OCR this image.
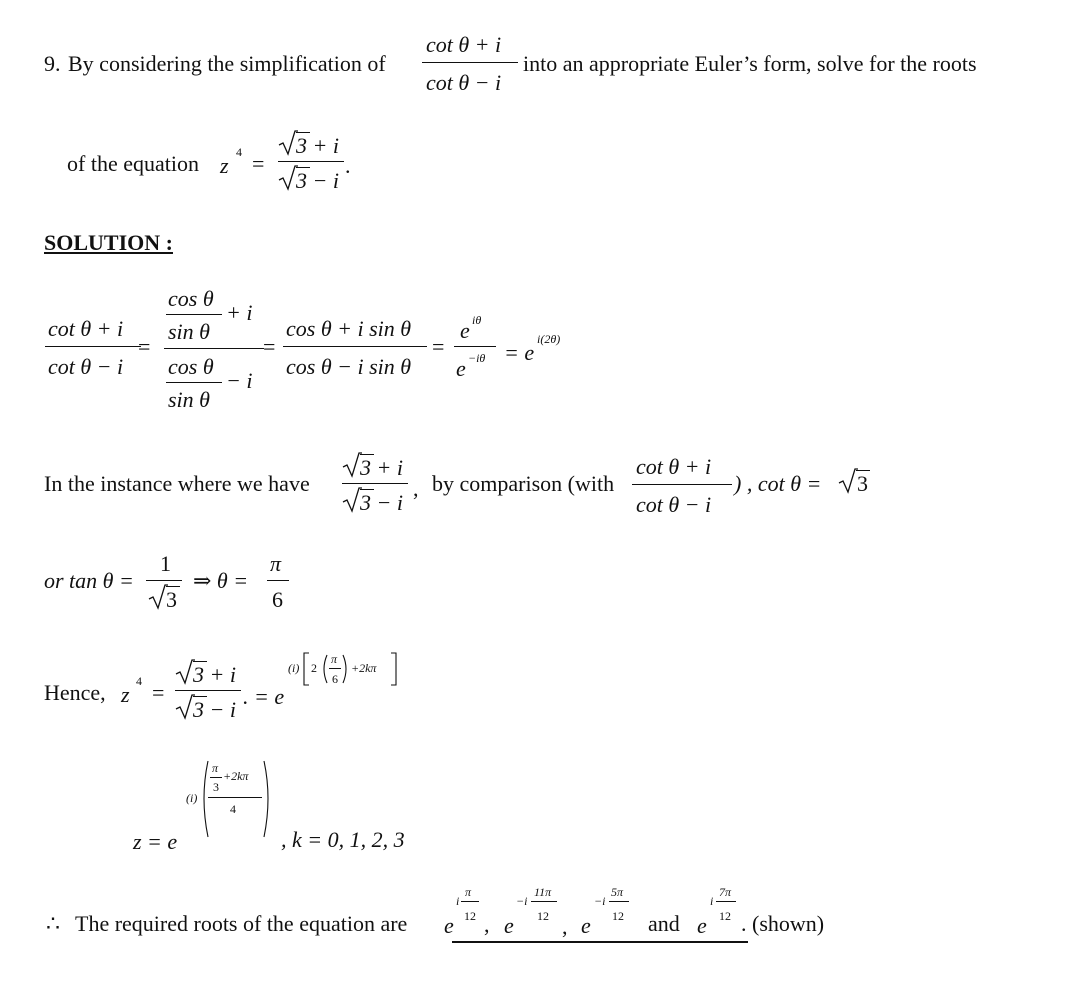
9. By considering the simplification of
cot θ + i
cot θ − i
into an appropriate Euler’s form, solve for the roots
of the equation z
4 =
3 + i
3 − i
.
SOLUTION :
cot θ + i
cot θ − i
=
cos θ
sin θ
+ i
cos θ
sin θ
− i
=
cos θ + i sin θ
cos θ − i sin θ
=
e iθ
e −iθ = e
i(2θ)
In the instance where we have
3 + i
3 − i
, by comparison (with
cot θ + i
cot θ − i
) , cot θ = 3
or tan θ =
1
3
⇒ θ =
π
6
Hence, z
4 =
3 + i
3 − i
. = e
(i) 2
π
6
+2kπ
z = e
(i)
π
3
+2kπ
4
, k = 0, 1, 2, 3
∴ The required roots of the equation are e
i
π
12 , e
−i
11π
12 , e
−i
5π
12 and e
i
7π
12 . (shown)
